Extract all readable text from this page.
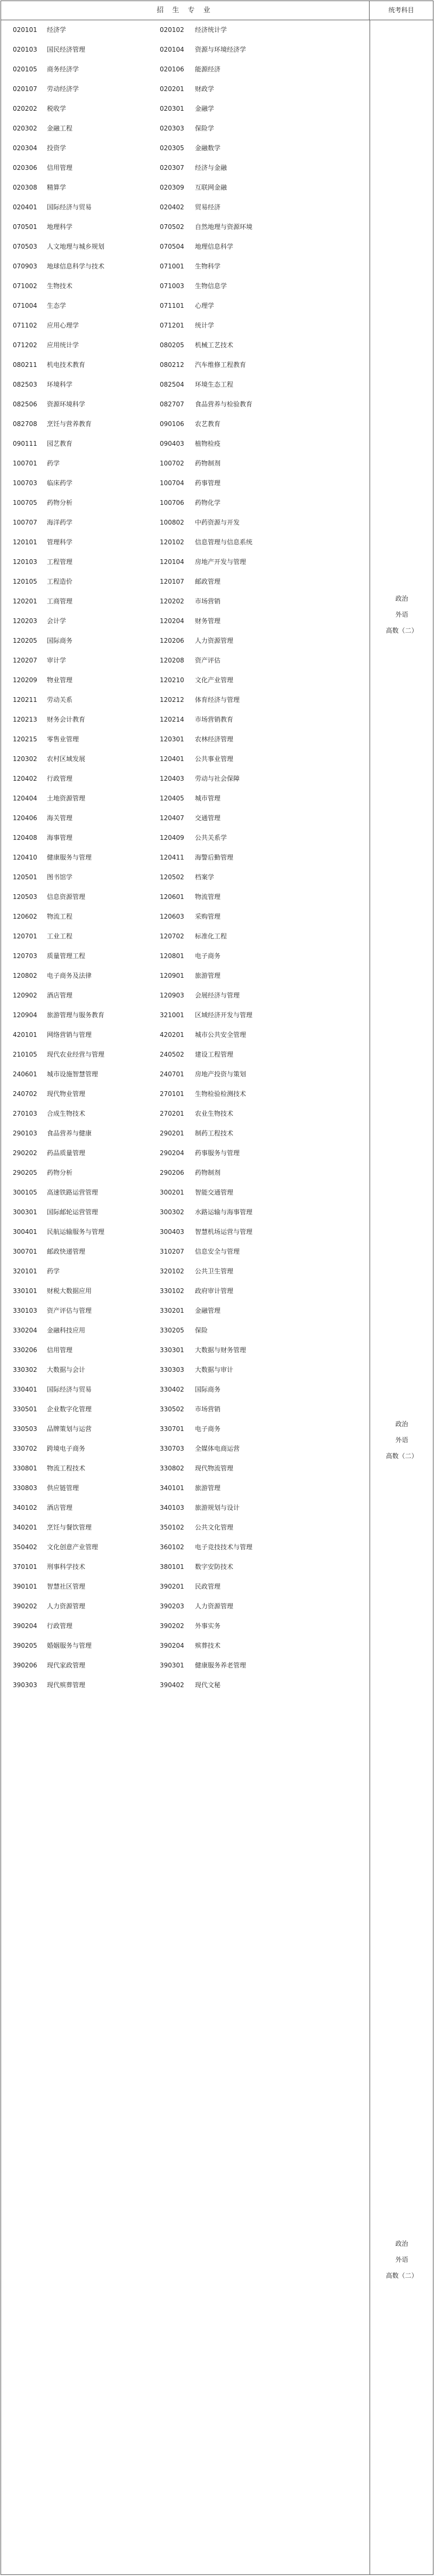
招 生 专 业	统考科目
020101 经济学	020102 经济统计学
020103 国民经济管理	020104 资源与环境经济学
020105 商务经济学	020106 能源经济
020107 劳动经济学	020201 财政学
020202 税收学	020301 金融学
020302 金融工程	020303 保险学
020304 投资学	020305 金融数学
020306 信用管理	020307 经济与金融
020308 精算学	020309 互联网金融
020401 国际经济与贸易	020402 贸易经济
070501 地理科学	070502 自然地理与资源环境
070503 人文地理与城乡规划	070504 地理信息科学
070903 地球信息科学与技术	071001 生物科学
071002 生物技术	071003 生物信息学
071004 生态学	071101 心理学
071102 应用心理学	071201 统计学
071202 应用统计学	080205 机械工艺技术
080211 机电技术教育	080212 汽车维修工程教育
082503 环境科学	082504 环境生态工程
082506 资源环境科学	082707 食品营养与检验教育
082708 烹饪与营养教育	090106 农艺教育
090111 园艺教育	090403 植物检疫
100701 药学	100702 药物制剂
100703 临床药学	100704 药事管理
100705 药物分析	100706 药物化学
100707 海洋药学	100802 中药资源与开发
120101 管理科学	120102 信息管理与信息系统
120103 工程管理	120104 房地产开发与管理
120105 工程造价	120107 邮政管理
120201 工商管理	120202 市场营销
120203 会计学	120204 财务管理
120205 国际商务	120206 人力资源管理
120207 审计学	120208 资产评估
120209 物业管理	120210 文化产业管理
120211 劳动关系	120212 体育经济与管理
120213 财务会计教育	120214 市场营销教育
120215 零售业管理	120301 农林经济管理
120302 农村区域发展	120401 公共事业管理
120402 行政管理	120403 劳动与社会保障
120404 土地资源管理	120405 城市管理
120406 海关管理	120407 交通管理
120408 海事管理	120409 公共关系学
120410 健康服务与管理	120411 海警后勤管理
120501 图书馆学	120502 档案学
120503 信息资源管理	120601 物流管理
120602 物流工程	120603 采购管理
120701 工业工程	120702 标准化工程
120703 质量管理工程	120801 电子商务
120802 电子商务及法律	120901 旅游管理
120902 酒店管理	120903 会展经济与管理
120904 旅游管理与服务教育	321001 区域经济开发与管理
420101 网络营销与管理	420201 城市公共安全管理
210105 现代农业经营与管理	240502 建设工程管理
240601 城市设施智慧管理	240701 房地产投资与策划
240702 现代物业管理	270101 生物检验检测技术
270103 合成生物技术	270201 农业生物技术
290103 食品营养与健康	290201 制药工程技术
290202 药品质量管理	290204 药事服务与管理
290205 药物分析	290206 药物制剂
300105 高速铁路运营管理	300201 智能交通管理
300301 国际邮轮运营管理	300302 水路运输与海事管理
300401 民航运输服务与管理	300403 智慧机场运营与管理
300701 邮政快递管理	310207 信息安全与管理
320101 药学	320102 公共卫生管理
330101 财税大数据应用	330102 政府审计管理
330103 资产评估与管理	330201 金融管理
330204 金融科技应用	330205 保险
330206 信用管理	330301 大数据与财务管理
330302 大数据与会计	330303 大数据与审计
330401 国际经济与贸易	330402 国际商务
330501 企业数字化管理	330502 市场营销
330503 品牌策划与运营	330701 电子商务
330702 跨境电子商务	330703 全媒体电商运营
330801 物流工程技术	330802 现代物流管理
330803 供应链管理	340101 旅游管理
340102 酒店管理	340103 旅游规划与设计
340201 烹饪与餐饮管理	350102 公共文化管理
350402 文化创意产业管理	360102 电子竞技技术与管理
370101 刑事科学技术	380101 数字安防技术
390101 智慧社区管理	390201 民政管理
390202 人力资源管理	390203 人力资源管理
390204 行政管理	390202 外事实务
390205 婚姻服务与管理	390204 殡葬技术
390206 现代家政管理	390301 健康服务养老管理
390303 现代殡葬管理	390402 现代文秘
政治
外语
高数（二）
政治
外语
高数（二）
政治
外语
高数（二）
